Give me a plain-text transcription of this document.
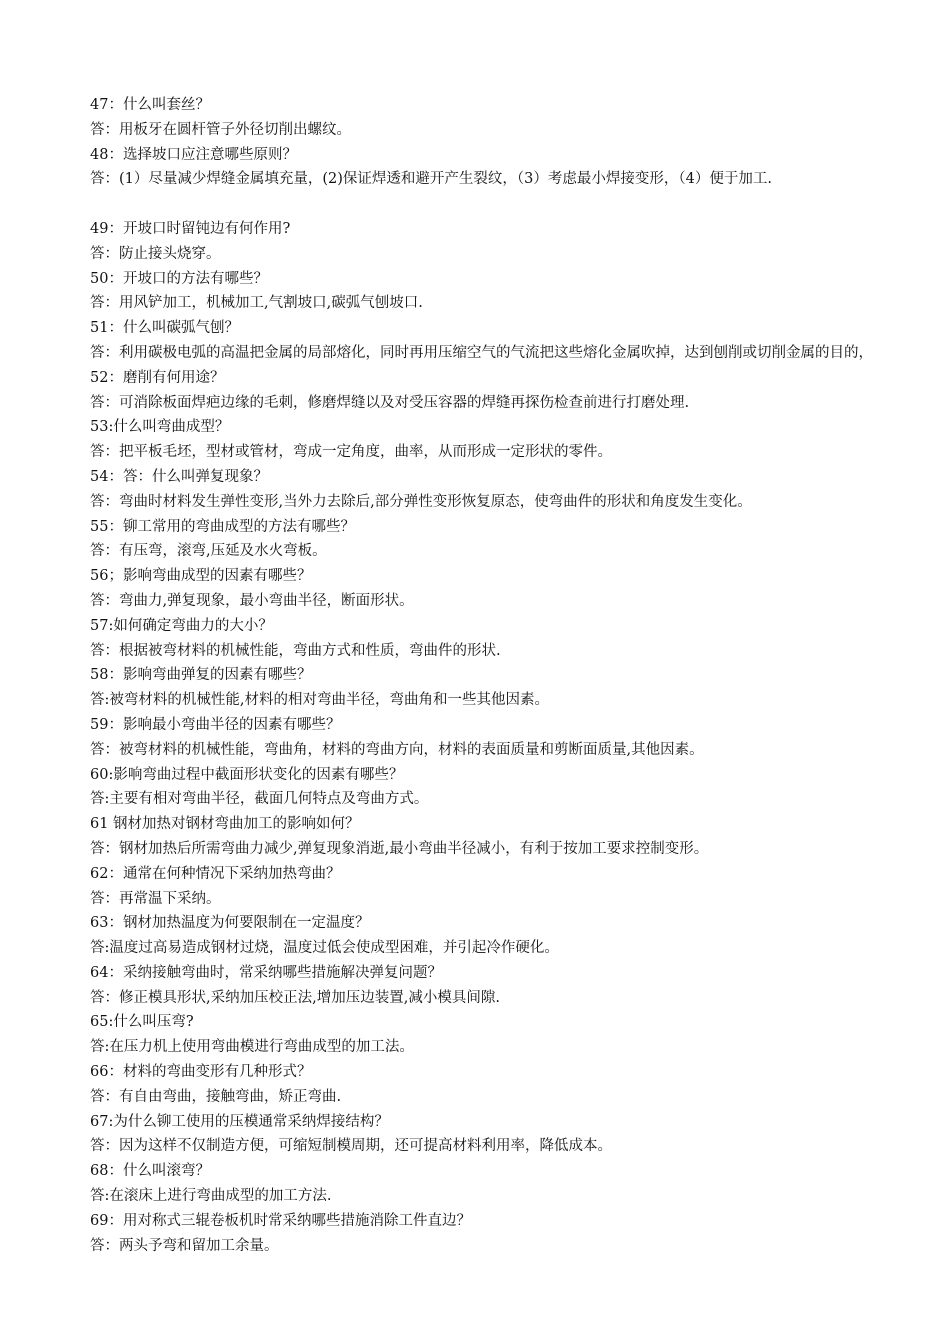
47：什么叫套丝？
答：用板牙在圆杆管子外径切削出螺纹。
48：选择坡口应注意哪些原则？
答：(1）尽量减少焊缝金属填充量，(2)保证焊透和避开产生裂纹，（3）考虑最小焊接变形，（4）便于加工.
49：开坡口时留钝边有何作用?
答：防止接头烧穿。
50：开坡口的方法有哪些？
答：用风铲加工，机械加工,气割坡口,碳弧气刨坡口.
51：什么叫碳弧气刨？
答：利用碳极电弧的高温把金属的局部熔化，同时再用压缩空气的气流把这些熔化金属吹掉，达到刨削或切削金属的目的，
52：磨削有何用途？
答：可消除板面焊疤边缘的毛刺，修磨焊缝以及对受压容器的焊缝再探伤检查前进行打磨处理.
53:什么叫弯曲成型？
答：把平板毛坯，型材或管材，弯成一定角度，曲率，从而形成一定形状的零件。
54：答：什么叫弹复现象？
答：弯曲时材料发生弹性变形,当外力去除后,部分弹性变形恢复原态，使弯曲件的形状和角度发生变化。
55：铆工常用的弯曲成型的方法有哪些？
答：有压弯，滚弯,压延及水火弯板。
56；影响弯曲成型的因素有哪些？
答：弯曲力,弹复现象，最小弯曲半径，断面形状。
57:如何确定弯曲力的大小？
答：根据被弯材料的机械性能，弯曲方式和性质，弯曲件的形状.
58：影响弯曲弹复的因素有哪些？
答:被弯材料的机械性能,材料的相对弯曲半径，弯曲角和一些其他因素。
59：影响最小弯曲半径的因素有哪些？
答：被弯材料的机械性能，弯曲角，材料的弯曲方向，材料的表面质量和剪断面质量,其他因素。
60:影响弯曲过程中截面形状变化的因素有哪些？
答:主要有相对弯曲半径，截面几何特点及弯曲方式。
61 钢材加热对钢材弯曲加工的影响如何？
答：钢材加热后所需弯曲力减少,弹复现象消逝,最小弯曲半径减小，有利于按加工要求控制变形。
62：通常在何种情况下采纳加热弯曲？
答：再常温下采纳。
63：钢材加热温度为何要限制在一定温度？
答:温度过高易造成钢材过烧，温度过低会使成型困难，并引起冷作硬化。
64：采纳接触弯曲时，常采纳哪些措施解决弹复问题？
答：修正模具形状,采纳加压校正法,增加压边装置,减小模具间隙.
65:什么叫压弯?
答:在压力机上使用弯曲模进行弯曲成型的加工法。
66：材料的弯曲变形有几种形式？
答：有自由弯曲，接触弯曲，矫正弯曲.
67:为什么铆工使用的压模通常采纳焊接结构？
答：因为这样不仅制造方便，可缩短制模周期，还可提高材料利用率，降低成本。
68：什么叫滚弯？
答:在滚床上进行弯曲成型的加工方法.
69：用对称式三辊卷板机时常采纳哪些措施消除工件直边？
答：两头予弯和留加工余量。
